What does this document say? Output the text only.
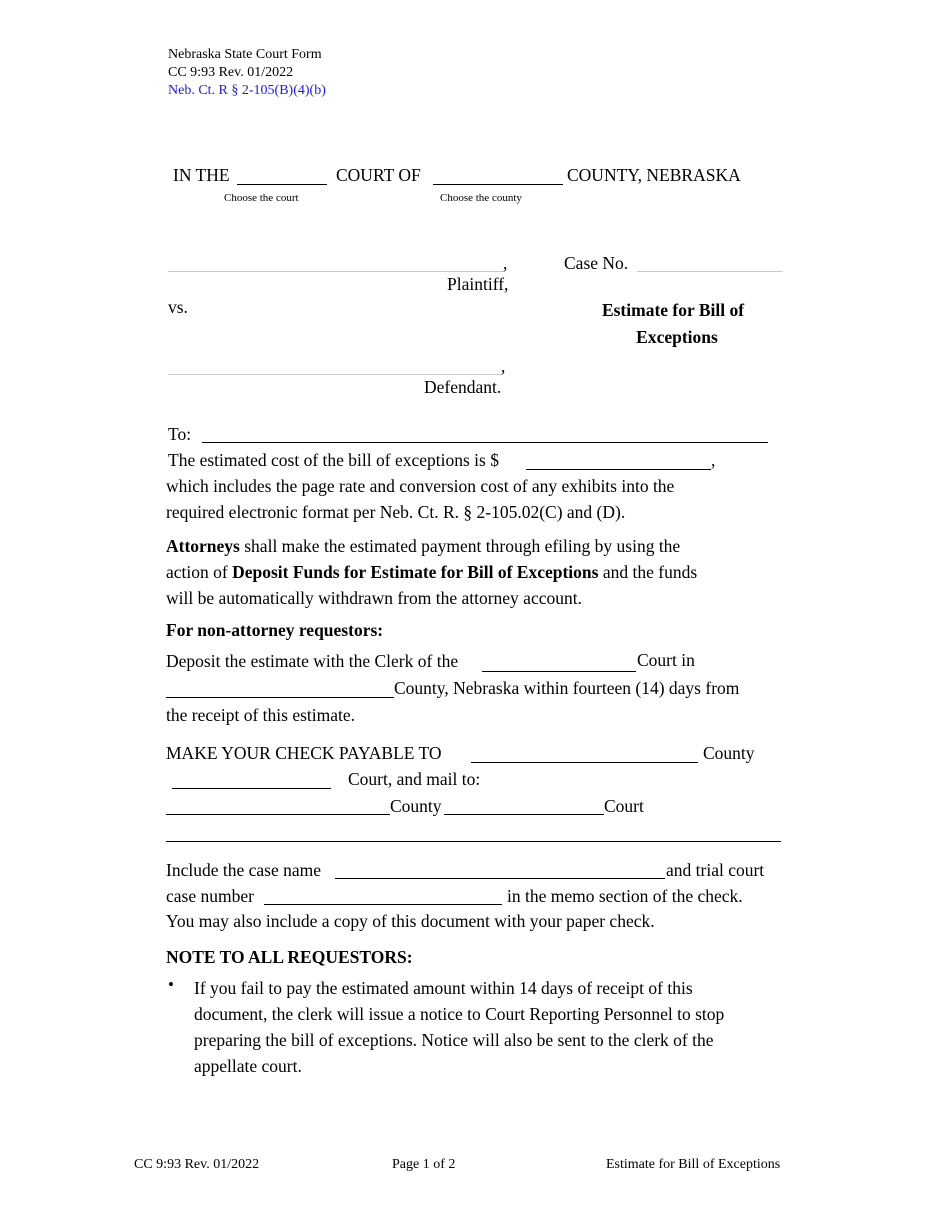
Nebraska State Court Form
CC 9:93 Rev. 01/2022
Neb. Ct. R § 2-105(B)(4)(b)
IN THE
Choose the court
COURT OF
Choose the county
COUNTY, NEBRASKA
,
Plaintiff,
Case No.
vs.	Estimate for Bill of
Exceptions
,
Defendant.
To:
The estimated cost of the bill of exceptions is $	,
which includes the page rate and conversion cost of any exhibits into the
required electronic format per Neb. Ct. R. § 2-105.02(C) and (D).
Attorneys shall make the estimated payment through efiling by using the
action of Deposit Funds for Estimate for Bill of Exceptions and the funds
will be automatically withdrawn from the attorney account.
For non-attorney requestors:
Deposit the estimate with the Clerk of the	Court in
County, Nebraska within fourteen (14) days from
the receipt of this estimate.
MAKE YOUR CHECK PAYABLE TO	County
Court, and mail to:
County	Court
Include the case name	and trial court
case number	in the memo section of the check.
You may also include a copy of this document with your paper check.
NOTE TO ALL REQUESTORS:
• If you fail to pay the estimated amount within 14 days of receipt of this
document, the clerk will issue a notice to Court Reporting Personnel to stop
preparing the bill of exceptions. Notice will also be sent to the clerk of the
appellate court.
CC 9:93 Rev. 01/2022	Page 1 of 2	Estimate for Bill of Exceptions
